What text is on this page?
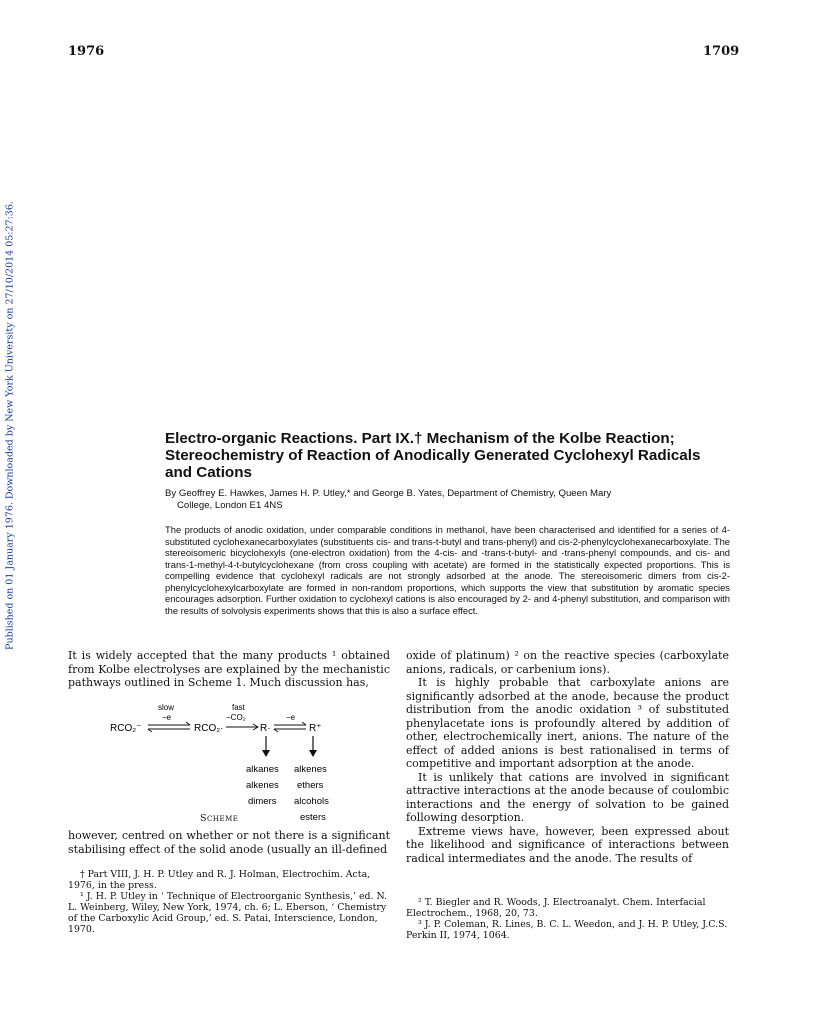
1976	1709
Published on 01 January 1976. Downloaded by New York University on 27/10/2014 05:27:36.	Electro-organic Reactions. Part IX.† Mechanism of the Kolbe Reaction; Stereochemistry of Reaction of Anodically Generated Cyclohexyl Radicals and Cations
By Geoffrey E. Hawkes, James H. P. Utley,* and George B. Yates, Department of Chemistry, Queen Mary
College, London E1 4NS
The products of anodic oxidation, under comparable conditions in methanol, have been characterised and identified for a series of 4-substituted cyclohexanecarboxylates (substituents cis- and trans-t-butyl and trans-phenyl) and cis-2-phenylcyclohexanecarboxylate. The stereoisomeric bicyclohexyls (one-electron oxidation) from the 4-cis- and -trans-t-butyl- and -trans-phenyl compounds, and cis- and trans-1-methyl-4-t-butylcyclohexane (from cross coupling with acetate) are formed in the statistically expected proportions. This is compelling evidence that cyclohexyl radicals are not strongly adsorbed at the anode. The stereoisomeric dimers from cis-2-phenylcyclohexylcarboxylate are formed in non-random proportions, which supports the view that substitution by aromatic species encourages adsorption. Further oxidation to cyclohexyl cations is also encouraged by 2- and 4-phenyl substitution, and comparison with the results of solvolysis experiments shows that this is also a surface effect.

It is widely accepted that the many products ¹ obtained from Kolbe electrolyses are explained by the mechanistic pathways outlined in Scheme 1. Much discussion has,

slow
−e
RCO₂⁻	RCO₂·
fast
−CO₂
R·
−e
R⁺
alkanes
alkenes
dimers
alkenes
ethers
alcohols
esters
Scheme

however, centred on whether or not there is a significant stabilising effect of the solid anode (usually an ill-defined

† Part VIII, J. H. P. Utley and R. J. Holman, Electrochim. Acta, 1976, in the press.

¹ J. H. P. Utley in ‘ Technique of Electroorganic Synthesis,’ ed. N. L. Weinberg, Wiley, New York, 1974, ch. 6; L. Eberson, ‘ Chemistry of the Carboxylic Acid Group,’ ed. S. Patai, Interscience, London, 1970.

oxide of platinum) ² on the reactive species (carboxylate anions, radicals, or carbenium ions).

It is highly probable that carboxylate anions are significantly adsorbed at the anode, because the product distribution from the anodic oxidation ³ of substituted phenylacetate ions is profoundly altered by addition of other, electrochemically inert, anions. The nature of the effect of added anions is best rationalised in terms of competitive and important adsorption at the anode.

It is unlikely that cations are involved in significant attractive interactions at the anode because of coulombic interactions and the energy of solvation to be gained following desorption.

Extreme views have, however, been expressed about the likelihood and significance of interactions between radical intermediates and the anode. The results of

² T. Biegler and R. Woods, J. Electroanalyt. Chem. Interfacial Electrochem., 1968, 20, 73.

³ J. P. Coleman, R. Lines, B. C. L. Weedon, and J. H. P. Utley, J.C.S. Perkin II, 1974, 1064.
